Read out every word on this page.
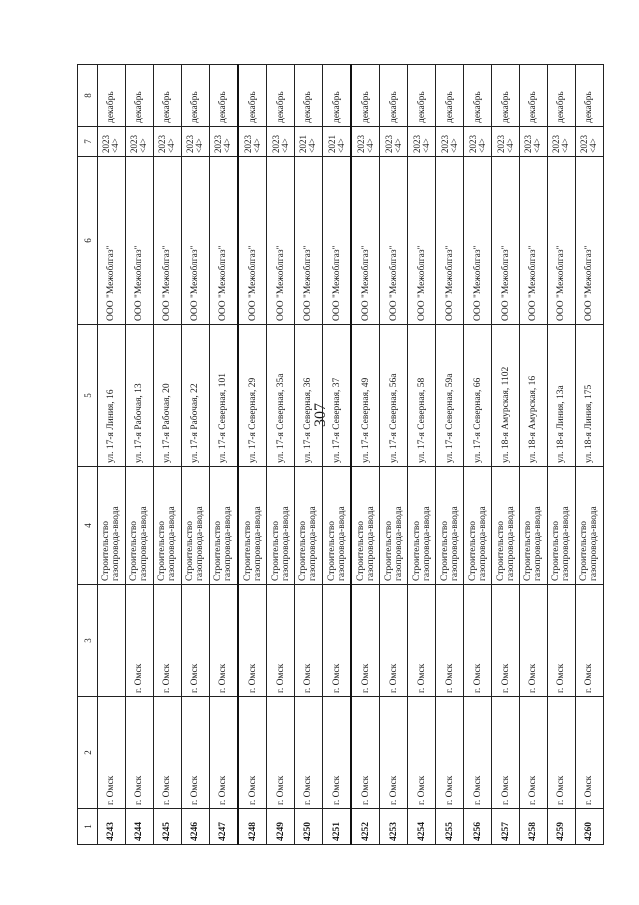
307
1	2	3	4	5	6	7	8
4243	г. Омск		Строительство газопровода-ввода	ул. 17-я Линия, 16	ООО "Межоблгаз"	2023 <4>	декабрь
4244	г. Омск	г. Омск	Строительство газопровода-ввода	ул. 17-я Рабочая, 13	ООО "Межоблгаз"	2023 <4>	декабрь
4245	г. Омск	г. Омск	Строительство газопровода-ввода	ул. 17-я Рабочая, 20	ООО "Межоблгаз"	2023 <4>	декабрь
4246	г. Омск	г. Омск	Строительство газопровода-ввода	ул. 17-я Рабочая, 22	ООО "Межоблгаз"	2023 <4>	декабрь
4247	г. Омск	г. Омск	Строительство газопровода-ввода	ул. 17-я Северная, 101	ООО "Межоблгаз"	2023 <4>	декабрь
4248	г. Омск	г. Омск	Строительство газопровода-ввода	ул. 17-я Северная, 29	ООО "Межоблгаз"	2023 <4>	декабрь
4249	г. Омск	г. Омск	Строительство газопровода-ввода	ул. 17-я Северная, 35а	ООО "Межоблгаз"	2023 <4>	декабрь
4250	г. Омск	г. Омск	Строительство газопровода-ввода	ул. 17-я Северная, 36	ООО "Межоблгаз"	2021 <4>	декабрь
4251	г. Омск	г. Омск	Строительство газопровода-ввода	ул. 17-я Северная, 37	ООО "Межоблгаз"	2021 <4>	декабрь
4252	г. Омск	г. Омск	Строительство газопровода-ввода	ул. 17-я Северная, 49	ООО "Межоблгаз"	2023 <4>	декабрь
4253	г. Омск	г. Омск	Строительство газопровода-ввода	ул. 17-я Северная, 56а	ООО "Межоблгаз"	2023 <4>	декабрь
4254	г. Омск	г. Омск	Строительство газопровода-ввода	ул. 17-я Северная, 58	ООО "Межоблгаз"	2023 <4>	декабрь
4255	г. Омск	г. Омск	Строительство газопровода-ввода	ул. 17-я Северная, 59а	ООО "Межоблгаз"	2023 <4>	декабрь
4256	г. Омск	г. Омск	Строительство газопровода-ввода	ул. 17-я Северная, 66	ООО "Межоблгаз"	2023 <4>	декабрь
4257	г. Омск	г. Омск	Строительство газопровода-ввода	ул. 18-я Амурская, 1102	ООО "Межоблгаз"	2023 <4>	декабрь
4258	г. Омск	г. Омск	Строительство газопровода-ввода	ул. 18-я Амурская, 16	ООО "Межоблгаз"	2023 <4>	декабрь
4259	г. Омск	г. Омск	Строительство газопровода-ввода	ул. 18-я Линия, 13а	ООО "Межоблгаз"	2023 <4>	декабрь
4260	г. Омск	г. Омск	Строительство газопровода-ввода	ул. 18-я Линия, 175	ООО "Межоблгаз"	2023 <4>	декабрь
